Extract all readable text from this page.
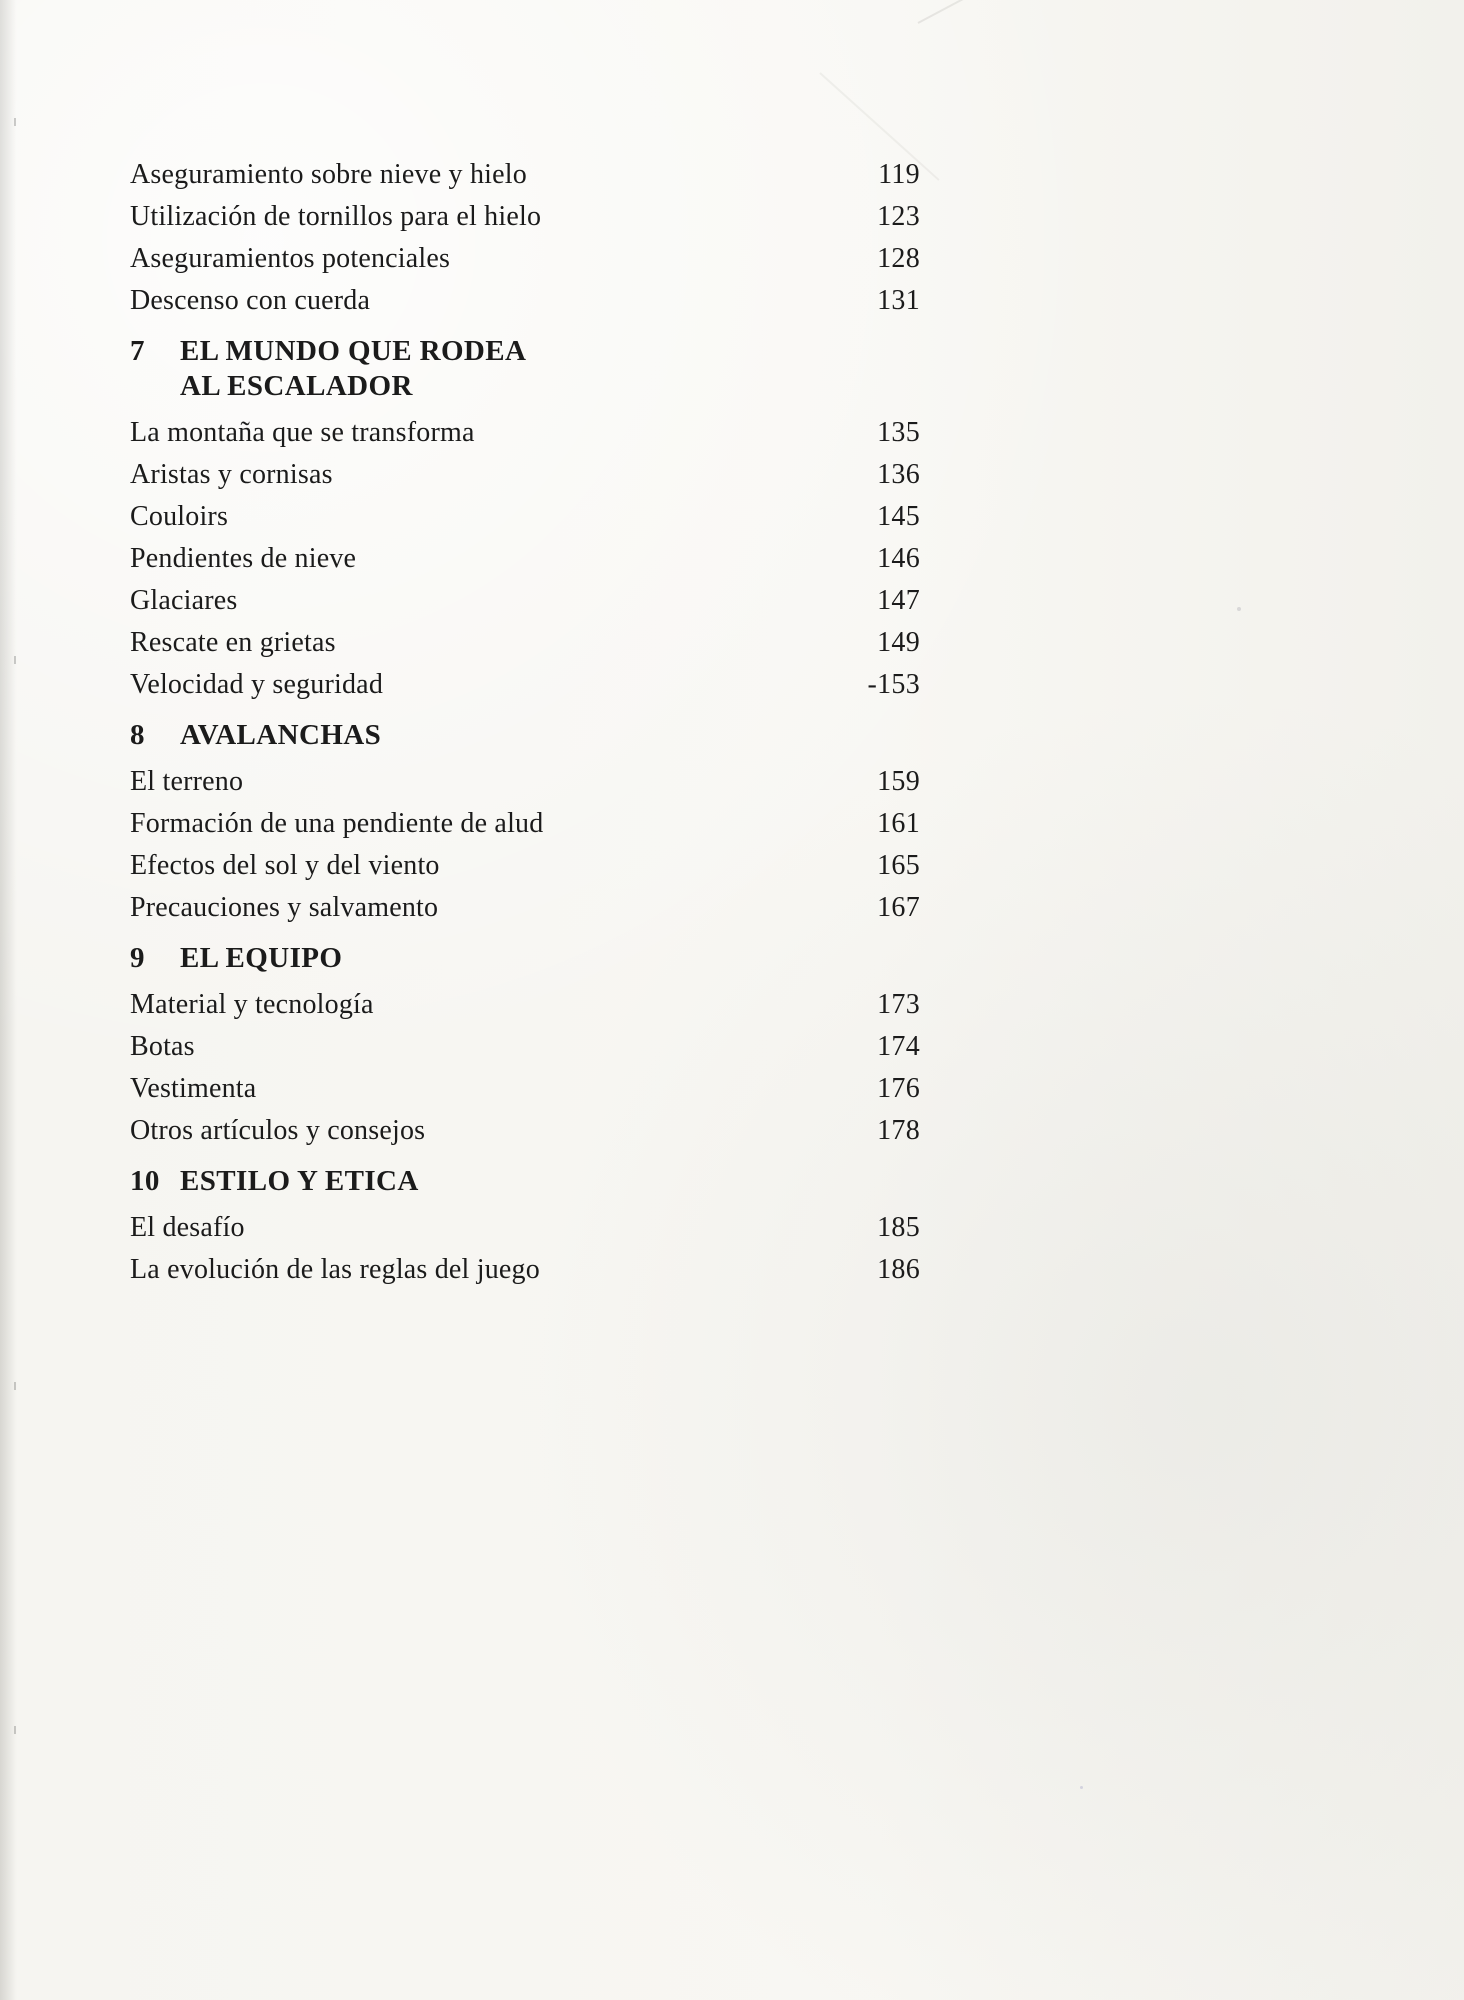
Aseguramiento sobre nieve y hielo	119
Utilización de tornillos para el hielo	123
Aseguramientos potenciales	128
Descenso con cuerda	131
7	EL MUNDO QUE RODEA
AL ESCALADOR
La montaña que se transforma	135
Aristas y cornisas	136
Couloirs	145
Pendientes de nieve	146
Glaciares	147
Rescate en grietas	149
Velocidad y seguridad	-153
8	AVALANCHAS
El terreno	159
Formación de una pendiente de alud	161
Efectos del sol y del viento	165
Precauciones y salvamento	167
9	EL EQUIPO
Material y tecnología	173
Botas	174
Vestimenta	176
Otros artículos y consejos	178
10 ESTILO Y ETICA
El desafío	185
La evolución de las reglas del juego	186
